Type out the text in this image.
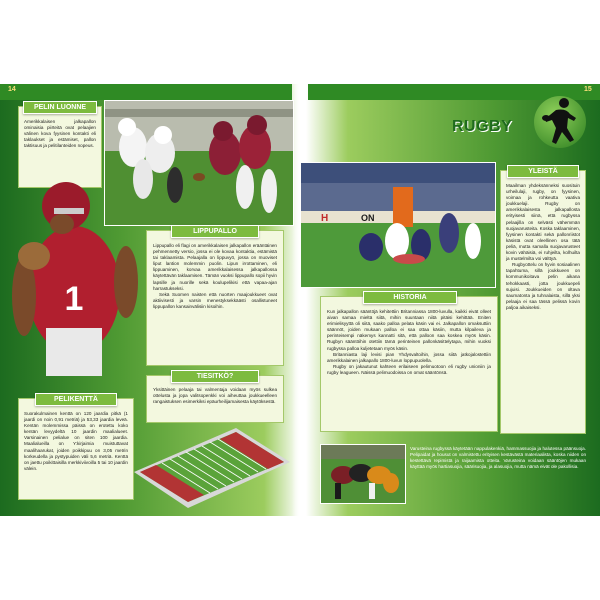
14	15
PELIN LUONNE

Amerikkalaisen jalkapallon ominaisia piirteitä ovat pelaajien välinen kova fyysinen kontakti eli taklaukset ja estämiset, pallon taktisuus ja pelitilanteiden nopeus.

1
LIPPUPALLO

Lippupallo eli flagi on amerikkalaisen jalkapallon erääntäinen pehmennetty versio, jossa ei ole kovaa kontaktia, estämistä tai taklaamista. Pelaajalla on lippuvyö, jossa on muoviset liput lantion molemmin puolin. Lipun irrottaminen, eli lippuaminen, korvaa amerikkalaisessa jalkapallossa käytettävän taklaamisen. Tämän vuoksi lippupallo sopii hyvin lapsille ja nuorille sekä koulupelikisi että vapaa-ajan harrastukseksi.

Sekä Suomen naisten että nuorten maajoukkueet ovat aktiivisesti ja varsin menestyksekkäästi osallistuneet lippupallon kansainvälisiin kisoihin.

TIESITKÖ?

Yksittäinen pelaaja tai valmentaja voidaan myös sulkea ottelusta ja jopa valitsopenkki voi aiheuttaa joukkueelleen rangaistuksen esimerkiksi epäurheilijamaisesta käytöksestä.

PELIKENTTÄ

Suorakulmainen kenttä on 120 jaardia pitkä (1 jaardi on noin 0,91 metriä) ja 53,33 jaardia leveä. Kentän molemmissa päissä on erotettu koko kentän levyydeltä 10 jaardin maalialueet. Varsinainen pelialue on siten 100 jaardia. Maalialueilla on Y:kirjaimia muistuttavat maalihaarukat, joiden poikkipuu on 3,05 metrin korkeudella ja pystypuiden väli 5,6 metriä. Kenttä on jaettu poikittaisilla merkkiviivoilla 5 tai 10 jaardin välein.

RUGBY
H	ON
YLEISTÄ

Maailman yhdeksänneksi suosituin urheilulaji, rugby, on fyysinen, voimaa ja rohkeutta vaativa joukkuelaji. Rugby on amerikkalaisesta jalkapallosta erityisesti siinä, että rugbyssa pelaajilla on selvästi vähemmän suojavarusteita. Koska taklaaminen, fyysinen kontakti sekä pallonriistot käsistä ovat oleellinen osa tätä peliä, mutta samalla suojavarusteet kovin vähäisiä, ei ruhjeilta, kolhuilta ja mustelmilta voi välttyä.

Rugbyottelu on hyvin sosiaalinen tapahtuma, sillä joukkueen on kommunikoitava pelin aikana tehokkaasti, jotta joukkuepeli sujuisi. Joukkueiden on oltava saumatonta ja tuhnalaista, sillä yksi pelaaja ei saa tässä pelissä kovin paljoa aikaiseksi.

HISTORIA

Kun jalkapallon sääntöjä kehitettiin Britanniassa 1800-luvulla, kaikki eivät olleet aivan samaa mieltä siitä, mihin suuntaan niitä pitäisi kehittää. Eniten erimielisyyttä oli siitä, saako palloa pelata käsin vai ei. Jalkapallon omaksuttiin säännöt, joiden mukaan palloa ei saa ottaa käsiin, mutta kilpaileva ja perinteisempi näkemys kannatti sitä, että palloon saa koskea myös käsin. Rugbyn sääntöihin otettiin tämä perinteinen pallonkäsittelytapa, mihin vuoksi rugbyssa palloa kuljetetaan myös käsin.

Britanniasta laji levisi pian Yhdysvaltoihin, jossa siitä jatkojalostettiin amerikkalainen jalkapallo 1800-luvun loppupuolella.

Rugby on jakautunut kahteen erilaiseen pelimuotoon eli rugby unioniin ja rugby leagueen. Näissä pelimuodoissa on omat sääntönsä.

Varusteina rugbyssä käytetään nappulakenkiä, hammassuojia ja halutessa päänsuoja. Pelipaidat ja housut on valmistettu erityisen kestävästä materiaalista, koska niiden on kestettävä repimistä ja raijaamista otteita. Varusteina voidaan sääntöjen mukaan käyttää myös hartiasuojia, säärisuojia, ja alasuojia, mutta nämä eivät ole pakollisia.
